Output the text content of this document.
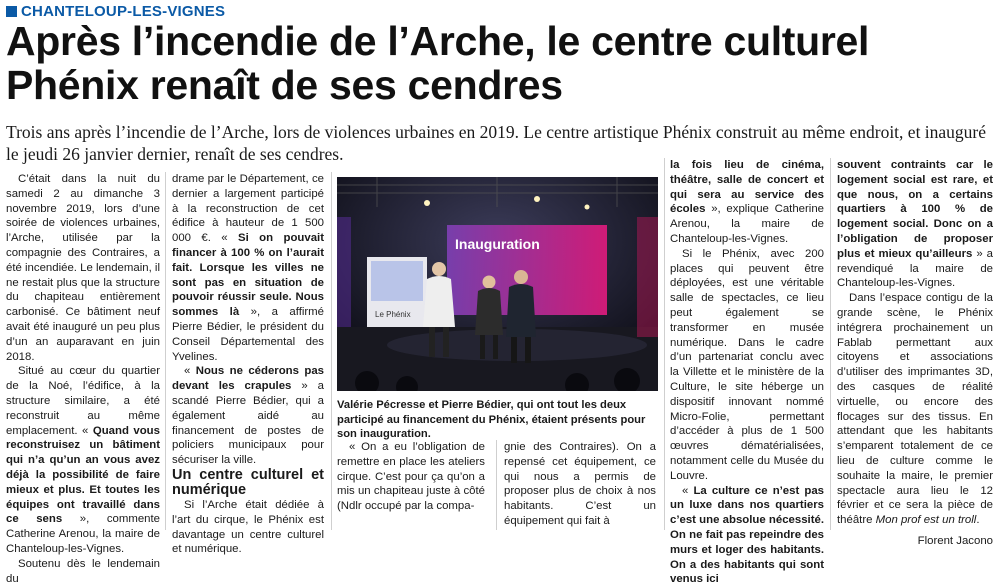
CHANTELOUP-LES-VIGNES
Après l’incendie de l’Arche, le centre culturel Phénix renaît de ses cendres

Trois ans après l’incendie de l’Arche, lors de violences urbaines en 2019. Le centre artistique Phénix construit au même endroit, et inauguré le jeudi 26 janvier dernier, renaît de ses cendres.

C’était dans la nuit du samedi 2 au dimanche 3 novembre 2019, lors d’une soirée de violences urbaines, l’Arche, utilisée par la compagnie des Contraires, a été incendiée. Le lendemain, il ne restait plus que la structure du chapiteau entièrement carbonisé. Ce bâtiment neuf avait été inauguré un peu plus d’un an auparavant en juin 2018.

Situé au cœur du quartier de la Noé, l’édifice, à la structure similaire, a été reconstruit au même emplacement. « Quand vous reconstruisez un bâtiment qui n’a qu’un an vous avez déjà la possibilité de faire mieux et plus. Et toutes les équipes ont travaillé dans ce sens », commente Catherine Arenou, la maire de Chanteloup-les-Vignes.

Soutenu dès le lendemain du

drame par le Département, ce dernier a largement participé à la reconstruction de cet édifice à hauteur de 1 500 000 €. « Si on pouvait financer à 100 % on l’aurait fait. Lorsque les villes ne sont pas en situation de pouvoir réussir seule. Nous sommes là », a affirmé Pierre Bédier, le président du Conseil Départemental des Yvelines.

« Nous ne céderons pas devant les crapules » a scandé Pierre Bédier, qui a également aidé au financement de postes de policiers municipaux pour sécuriser la ville.

Un centre culturel et numérique

Si l’Arche était dédiée à l’art du cirque, le Phénix est davantage un centre culturel et numérique.

Inauguration
Le Phénix

Valérie Pécresse et Pierre Bédier, qui ont tout les deux participé au financement du Phénix, étaient présents pour son inauguration.

« On a eu l’obligation de remettre en place les ateliers cirque. C’est pour ça qu’on a mis un chapiteau juste à côté (Ndlr occupé par la compa-

gnie des Contraires). On a repensé cet équipement, ce qui nous a permis de proposer plus de choix à nos habitants. C’est un équipement qui fait à

la fois lieu de cinéma, théâtre, salle de concert et qui sera au service des écoles », explique Catherine Arenou, la maire de Chanteloup-les-Vignes.

Si le Phénix, avec 200 places qui peuvent être déployées, est une véritable salle de spectacles, ce lieu peut également se transformer en musée numérique. Dans le cadre d’un partenariat conclu avec la Villette et le ministère de la Culture, le site héberge un dispositif innovant nommé Micro-Folie, permettant d’accéder à plus de 1 500 œuvres dématérialisées, notamment celle du Musée du Louvre.

« La culture ce n’est pas un luxe dans nos quartiers c’est une absolue nécessité. On ne fait pas repeindre des murs et loger des habitants. On a des habitants qui sont venus ici

souvent contraints car le logement social est rare, et que nous, on a certains quartiers à 100 % de logement social. Donc on a l’obligation de proposer plus et mieux qu’ailleurs » a revendiqué la maire de Chanteloup-les-Vignes.

Dans l’espace contigu de la grande scène, le Phénix intégrera prochainement un Fablab permettant aux citoyens et associations d’utiliser des imprimantes 3D, des casques de réalité virtuelle, ou encore des flocages sur des tissus. En attendant que les habitants s’emparent totalement de ce lieu de culture comme le souhaite la maire, le premier spectacle aura lieu le 12 février et ce sera la pièce de théâtre Mon prof est un troll.

Florent Jacono
